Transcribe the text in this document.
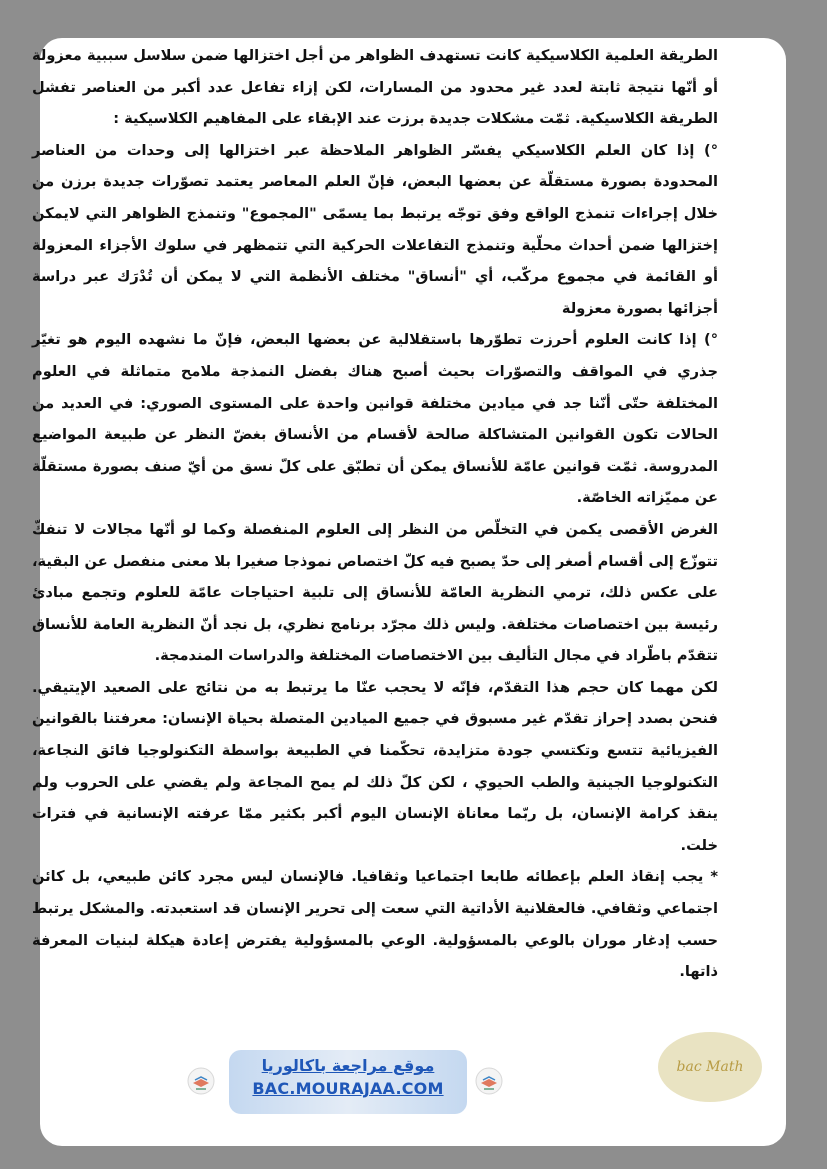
الطريقة العلمية الكلاسيكية كانت تستهدف الظواهر من أجل اختزالها ضمن سلاسل سببية معزولة أو أنّها نتيجة ثابتة لعدد غير محدود من المسارات، لكن إزاء تفاعل عدد أكبر من العناصر تفشل الطريقة الكلاسيكية. ثمّت مشكلات جديدة برزت عند الإبقاء على المفاهيم الكلاسيكية :

°) إذا كان العلم الكلاسيكي يفسّر الظواهر الملاحظة عبر اختزالها إلى وحدات من العناصر المحدودة بصورة مستقلّة عن بعضها البعض، فإنّ العلم المعاصر يعتمد تصوّرات جديدة برزن من خلال إجراءات تنمذج الواقع وفق توجّه يرتبط بما يسمّى "المجموع" وتنمذج الظواهر التي لايمكن إختزالها ضمن أحداث محلّية وتنمذج التفاعلات الحركية التي تتمظهر في سلوك الأجزاء المعزولة أو القائمة في مجموع مركّب، أي "أنساق" مختلف الأنظمة التي لا يمكن أن تُدْرَك عبر دراسة أجزائها بصورة معزولة

°) إذا كانت العلوم أحرزت تطوّرها باستقلالية عن بعضها البعض، فإنّ ما نشهده اليوم هو تغيّر جذري في المواقف والتصوّرات بحيث أصبح هناك بفضل النمذجة ملامح متماثلة في العلوم المختلفة حتّى أنّنا جد في ميادين مختلفة قوانين واحدة على المستوى الصوري: في العديد من الحالات تكون القوانين المتشاكلة صالحة لأقسام من الأنساق بغضّ النظر عن طبيعة المواضيع المدروسة. ثمّت قوانين عامّة للأنساق يمكن أن تطبّق على كلّ نسق من أيّ صنف بصورة مستقلّة عن مميّزاته الخاصّة.

الغرض الأقصى يكمن في التخلّص من النظر إلى العلوم المنفصلة وكما لو أنّها مجالات لا تنفكّ تتوزّع إلى أقسام أصغر إلى حدّ يصبح فيه كلّ اختصاص نموذجا صغيرا بلا معنى منفصل عن البقية، على عكس ذلك، ترمي النظرية العامّة للأنساق إلى تلبية احتياجات عامّة للعلوم وتجمع مبادئ رئيسة بين اختصاصات مختلفة. وليس ذلك مجرّد برنامج نظري، بل نجد أنّ النظرية العامة للأنساق تتقدّم باطّراد في مجال التأليف بين الاختصاصات المختلفة والدراسات المندمجة.

لكن مهما كان حجم هذا التقدّم، فإنّه لا يحجب عنّا ما يرتبط به من نتائج على الصعيد الإيتيقي. فنحن بصدد إحراز تقدّم غير مسبوق في جميع الميادين المتصلة بحياة الإنسان: معرفتنا بالقوانين الفيزيائية تتسع وتكتسي جودة متزايدة، تحكّمنا في الطبيعة بواسطة التكنولوجيا فائق النجاعة، التكنولوجيا الجينية والطب الحيوي ، لكن كلّ ذلك لم يمح المجاعة ولم يقضي على الحروب ولم ينقذ كرامة الإنسان، بل ربّما معاناة الإنسان اليوم أكبر بكثير ممّا عرفته الإنسانية في فترات خلت.

* يجب إنقاذ العلم بإعطائه طابعا اجتماعيا وثقافيا. فالإنسان ليس مجرد كائن طبيعي، بل كائن اجتماعي وثقافي. فالعقلانية الأداتية التي سعت إلى تحرير الإنسان قد استعبدته. والمشكل يرتبط حسب إدغار موران بالوعي بالمسؤولية. الوعي بالمسؤولية يفترض إعادة هيكلة لبنيات المعرفة ذاتها.

موقع مراجعة باكالوريا
BAC.MOURAJAA.COM
bac Math
